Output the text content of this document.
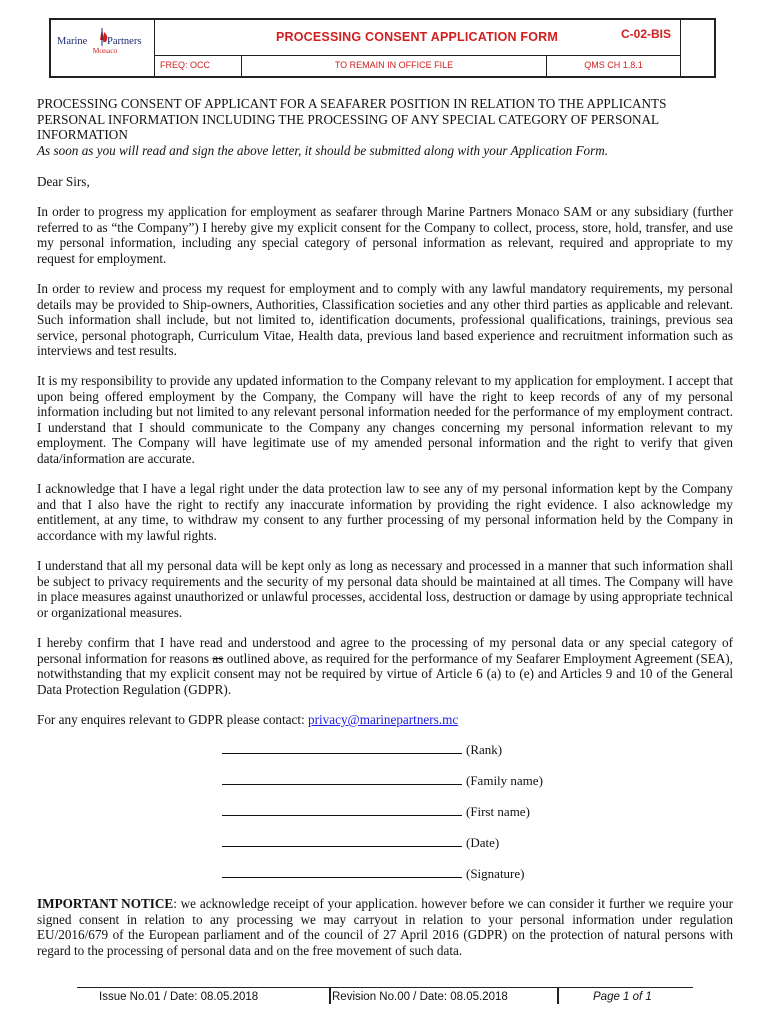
Marine Partners
Monaco
PROCESSING CONSENT APPLICATION FORM
FREQ: OCC	TO REMAIN IN OFFICE FILE	QMS CH 1.8.1
C-02-BIS

PROCESSING CONSENT OF APPLICANT FOR A SEAFARER POSITION IN RELATION TO THE APPLICANTS PERSONAL INFORMATION INCLUDING THE PROCESSING OF ANY SPECIAL CATEGORY OF PERSONAL INFORMATION

As soon as you will read and sign the above letter, it should be submitted along with your Application Form.

Dear Sirs,

In order to progress my application for employment as seafarer through Marine Partners Monaco SAM or any subsidiary (further referred to as “the Company”) I hereby give my explicit consent for the Company to collect, process, store, hold, transfer, and use my personal information, including any special category of personal information as relevant, required and appropriate to my request for employment.

In order to review and process my request for employment and to comply with any lawful mandatory requirements, my personal details may be provided to Ship-owners, Authorities, Classification societies and any other third parties as applicable and relevant. Such information shall include, but not limited to, identification documents, professional qualifications, trainings, previous sea service, personal photograph, Curriculum Vitae, Health data, previous land based experience and recruitment information such as interviews and test results.

It is my responsibility to provide any updated information to the Company relevant to my application for employment. I accept that upon being offered employment by the Company, the Company will have the right to keep records of any of my personal information including but not limited to any relevant personal information needed for the performance of my employment contract. I understand that I should communicate to the Company any changes concerning my personal information relevant to my employment. The Company will have legitimate use of my amended personal information and the right to verify that given data/information are accurate.

I acknowledge that I have a legal right under the data protection law to see any of my personal information kept by the Company and that I also have the right to rectify any inaccurate information by providing the right evidence. I also acknowledge my entitlement, at any time, to withdraw my consent to any further processing of my personal information held by the Company in accordance with my lawful rights.

I understand that all my personal data will be kept only as long as necessary and processed in a manner that such information shall be subject to privacy requirements and the security of my personal data should be maintained at all times. The Company will have in place measures against unauthorized or unlawful processes, accidental loss, destruction or damage by using appropriate technical or organizational measures.

I hereby confirm that I have read and understood and agree to the processing of my personal data or any special category of personal information for reasons as outlined above, as required for the performance of my Seafarer Employment Agreement (SEA), notwithstanding that my explicit consent may not be required by virtue of Article 6 (a) to (e) and Articles 9 and 10 of the General Data Protection Regulation (GDPR).

For any enquires relevant to GDPR please contact: privacy@marinepartners.mc

(Rank)
(Family name)
(First name)
(Date)
(Signature)

IMPORTANT NOTICE: we acknowledge receipt of your application. however before we can consider it further we require your signed consent in relation to any processing we may carryout in relation to your personal information under regulation EU/2016/679 of the European parliament and of the council of 27 April 2016 (GDPR) on the protection of natural persons with regard to the processing of personal data and on the free movement of such data.

Issue No.01 / Date: 08.05.2018	Revision No.00 / Date: 08.05.2018	Page 1 of 1
